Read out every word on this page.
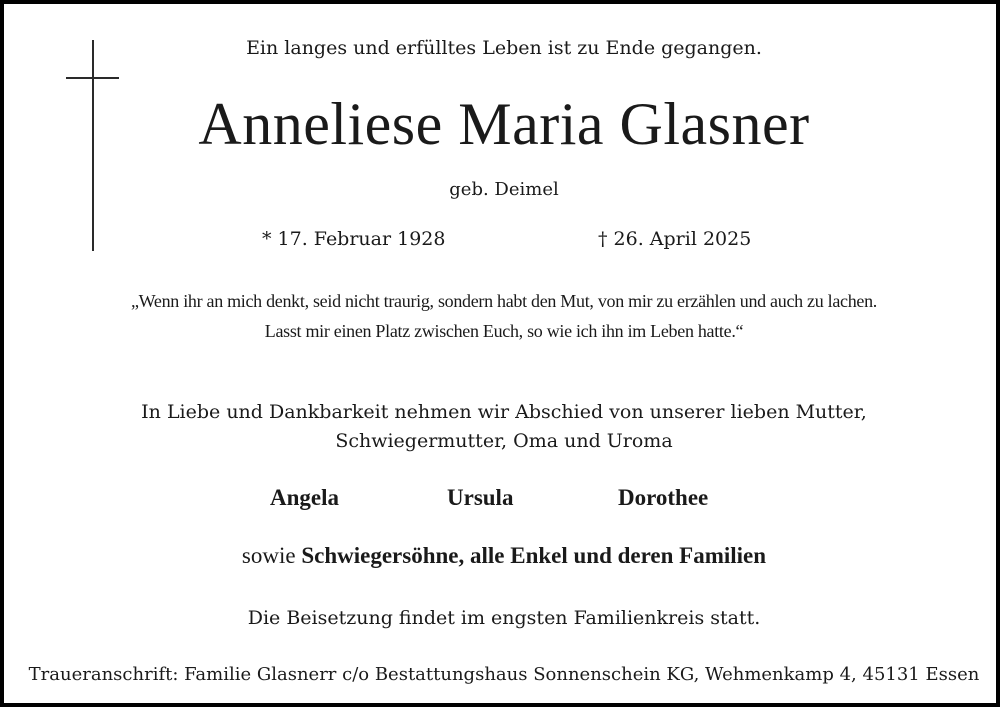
Ein langes und erfülltes Leben ist zu Ende gegangen.
Anneliese Maria Glasner
geb. Deimel
* 17. Februar 1928	† 26. April 2025
„Wenn ihr an mich denkt, seid nicht traurig, sondern habt den Mut, von mir zu erzählen und auch zu lachen.
Lasst mir einen Platz zwischen Euch, so wie ich ihn im Leben hatte.“
In Liebe und Dankbarkeit nehmen wir Abschied von unserer lieben Mutter,
Schwiegermutter, Oma und Uroma
Angela	Ursula	Dorothee
sowie Schwiegersöhne, alle Enkel und deren Familien
Die Beisetzung findet im engsten Familienkreis statt.
Traueranschrift: Familie Glasnerr c/o Bestattungshaus Sonnenschein KG, Wehmenkamp 4, 45131 Essen
